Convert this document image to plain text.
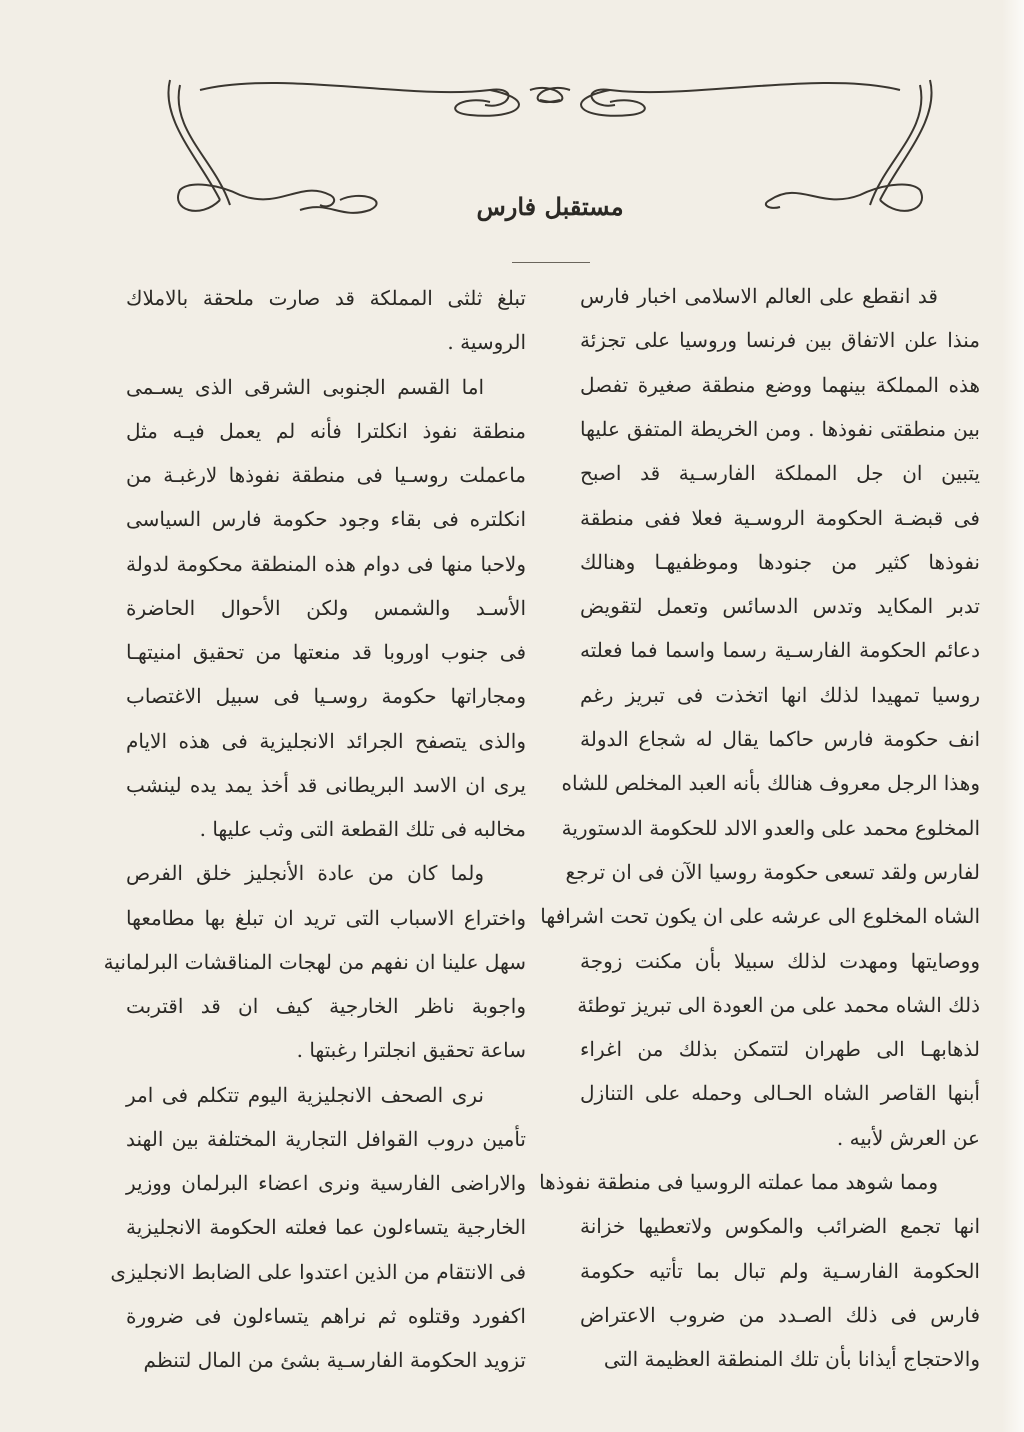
مستقبل فارس
قد انقطع على العالم الاسلامى اخبار فارس
منذا علن الاتفاق بين فرنسا وروسيا على تجزئة
هذه المملكة بينهما ووضع منطقة صغيرة تفصل
بين منطقتى نفوذها . ومن الخريطة المتفق عليها
يتبين ان جل المملكة الفارسـية قد اصبح
فى قبضـة الحكومة الروسـية فعلا ففى منطقة
نفوذها كثير من جنودها وموظفيهـا وهنالك
تدبر المكايد وتدس الدسائس وتعمل لتقويض
دعائم الحكومة الفارسـية رسما واسما فما فعلته
روسيا تمهيدا لذلك انها اتخذت فى تبريز رغم
انف حكومة فارس حاكما يقال له شجاع الدولة
وهذا الرجل معروف هنالك بأنه العبد المخلص للشاه
المخلوع محمد على والعدو الالد للحكومة الدستورية
لفارس ولقد تسعى حكومة روسيا الآن فى ان ترجع
الشاه المخلوع الى عرشه على ان يكون تحت اشرافها
ووصايتها ومهدت لذلك سبيلا بأن مكنت زوجة
ذلك الشاه محمد على من العودة الى تبريز توطئة
لذهابهـا الى طهران لتتمكن بذلك من اغراء
أبنها القاصر الشاه الحـالى وحمله على التنازل
عن العرش لأبيه .
ومما شوهد مما عملته الروسيا فى منطقة نفوذها
انها تجمع الضرائب والمكوس ولاتعطيها خزانة
الحكومة الفارسـية ولم تبال بما تأتيه حكومة
فارس فى ذلك الصـدد من ضروب الاعتراض
والاحتجاج أيذانا بأن تلك المنطقة العظيمة التى
تبلغ ثلثى المملكة قد صارت ملحقة بالاملاك
الروسية .
اما القسم الجنوبى الشرقى الذى يسـمى
منطقة نفوذ انكلترا فأنه لم يعمل فيـه مثل
ماعملت روسـيا فى منطقة نفوذها لارغبـة من
انكلتره فى بقاء وجود حكومة فارس السياسى
ولاحبا منها فى دوام هذه المنطقة محكومة لدولة
الأسـد والشمس ولكن الأحوال الحاضرة
فى جنوب اوروبا قد منعتها من تحقيق امنيتهـا
ومجاراتها حكومة روسـيا فى سبيل الاغتصاب
والذى يتصفح الجرائد الانجليزية فى هذه الايام
يرى ان الاسد البريطانى قد أخذ يمد يده لينشب
مخالبه فى تلك القطعة التى وثب عليها .
ولما كان من عادة الأنجليز خلق الفرص
واختراع الاسباب التى تريد ان تبلغ بها مطامعها
سهل علينا ان نفهم من لهجات المناقشات البرلمانية
واجوبة ناظر الخارجية كيف ان قد اقتربت
ساعة تحقيق انجلترا رغبتها .
نرى الصحف الانجليزية اليوم تتكلم فى امر
تأمين دروب القوافل التجارية المختلفة بين الهند
والاراضى الفارسية ونرى اعضاء البرلمان ووزير
الخارجية يتساءلون عما فعلته الحكومة الانجليزية
فى الانتقام من الذين اعتدوا على الضابط الانجليزى
اكفورد وقتلوه ثم نراهم يتساءلون فى ضرورة
تزويد الحكومة الفارسـية بشئ من المال لتنظم
